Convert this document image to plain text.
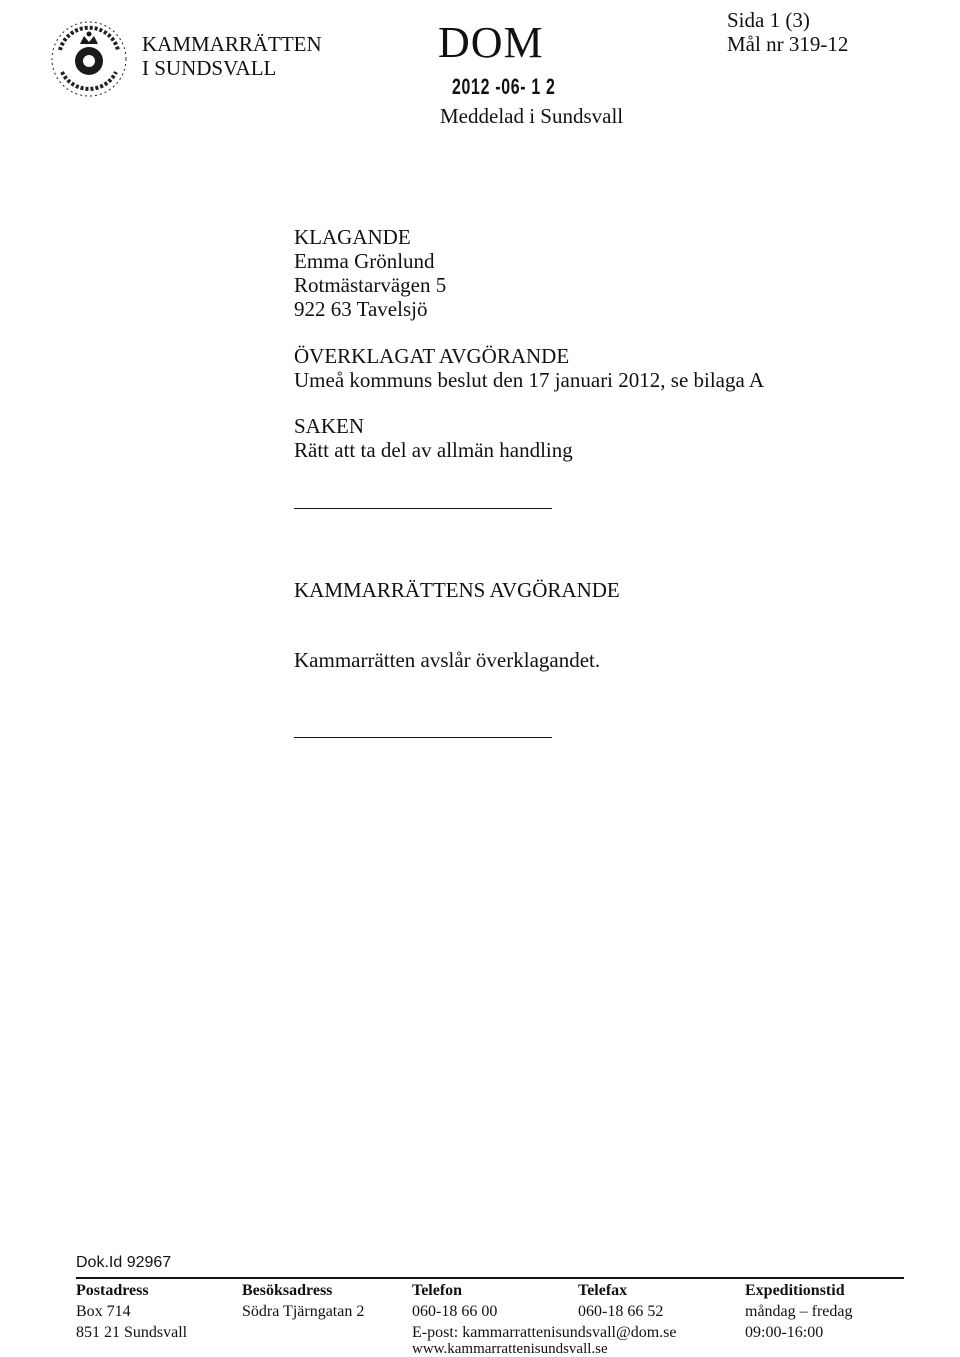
KAMMARRÄTTEN
I SUNDSVALL
DOM
2012 -06- 1 2
Meddelad i Sundsvall
Sida 1 (3)
Mål nr 319-12
KLAGANDE
Emma Grönlund
Rotmästarvägen 5
922 63 Tavelsjö
ÖVERKLAGAT AVGÖRANDE
Umeå kommuns beslut den 17 januari 2012, se bilaga A
SAKEN
Rätt att ta del av allmän handling
KAMMARRÄTTENS AVGÖRANDE
Kammarrätten avslår överklagandet.
Dok.Id 92967
Postadress
Box 714
851 21 Sundsvall
Besöksadress
Södra Tjärngatan 2
Telefon
060-18 66 00
Telefax
060-18 66 52
E-post: kammarrattenisundsvall@dom.se
www.kammarrattenisundsvall.se
Expeditionstid
måndag – fredag
09:00-16:00
